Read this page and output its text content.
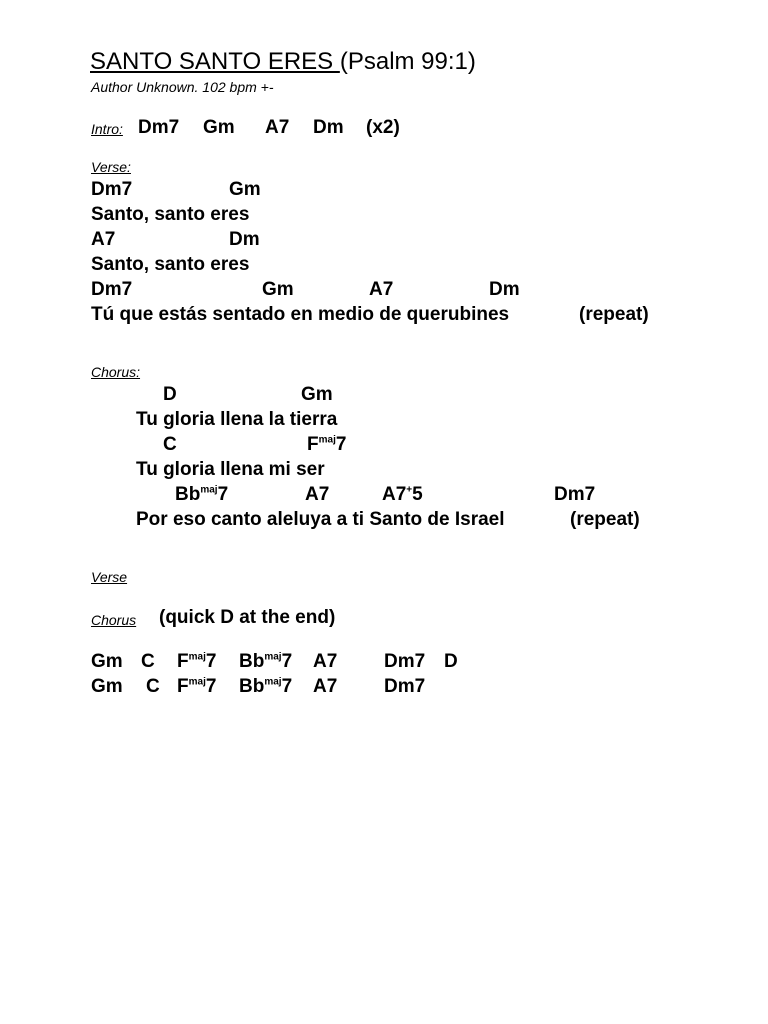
SANTO SANTO ERES (Psalm 99:1)
Author Unknown. 102 bpm +-
Intro: Dm7 Gm A7 Dm (x2)
Verse:
Dm7	Gm
Santo, santo eres
A7	Dm
Santo, santo eres
Dm7	Gm	A7	Dm
Tú que estás sentado en medio de querubines	(repeat)
Chorus:
D	Gm
Tu gloria llena la tierra
C	$F^{maj}7$
Tu gloria llena mi ser
$Bb^{maj}7$	A7	A7+5	Dm7
Por eso canto aleluya a ti Santo de Israel	(repeat)
Verse
Chorus (quick D at the end)
Gm C $F^{maj}7$ $Bb^{maj}7$ A7 Dm7 D
Gm C $F^{maj}7$ $Bb^{maj}7$ A7 Dm7
